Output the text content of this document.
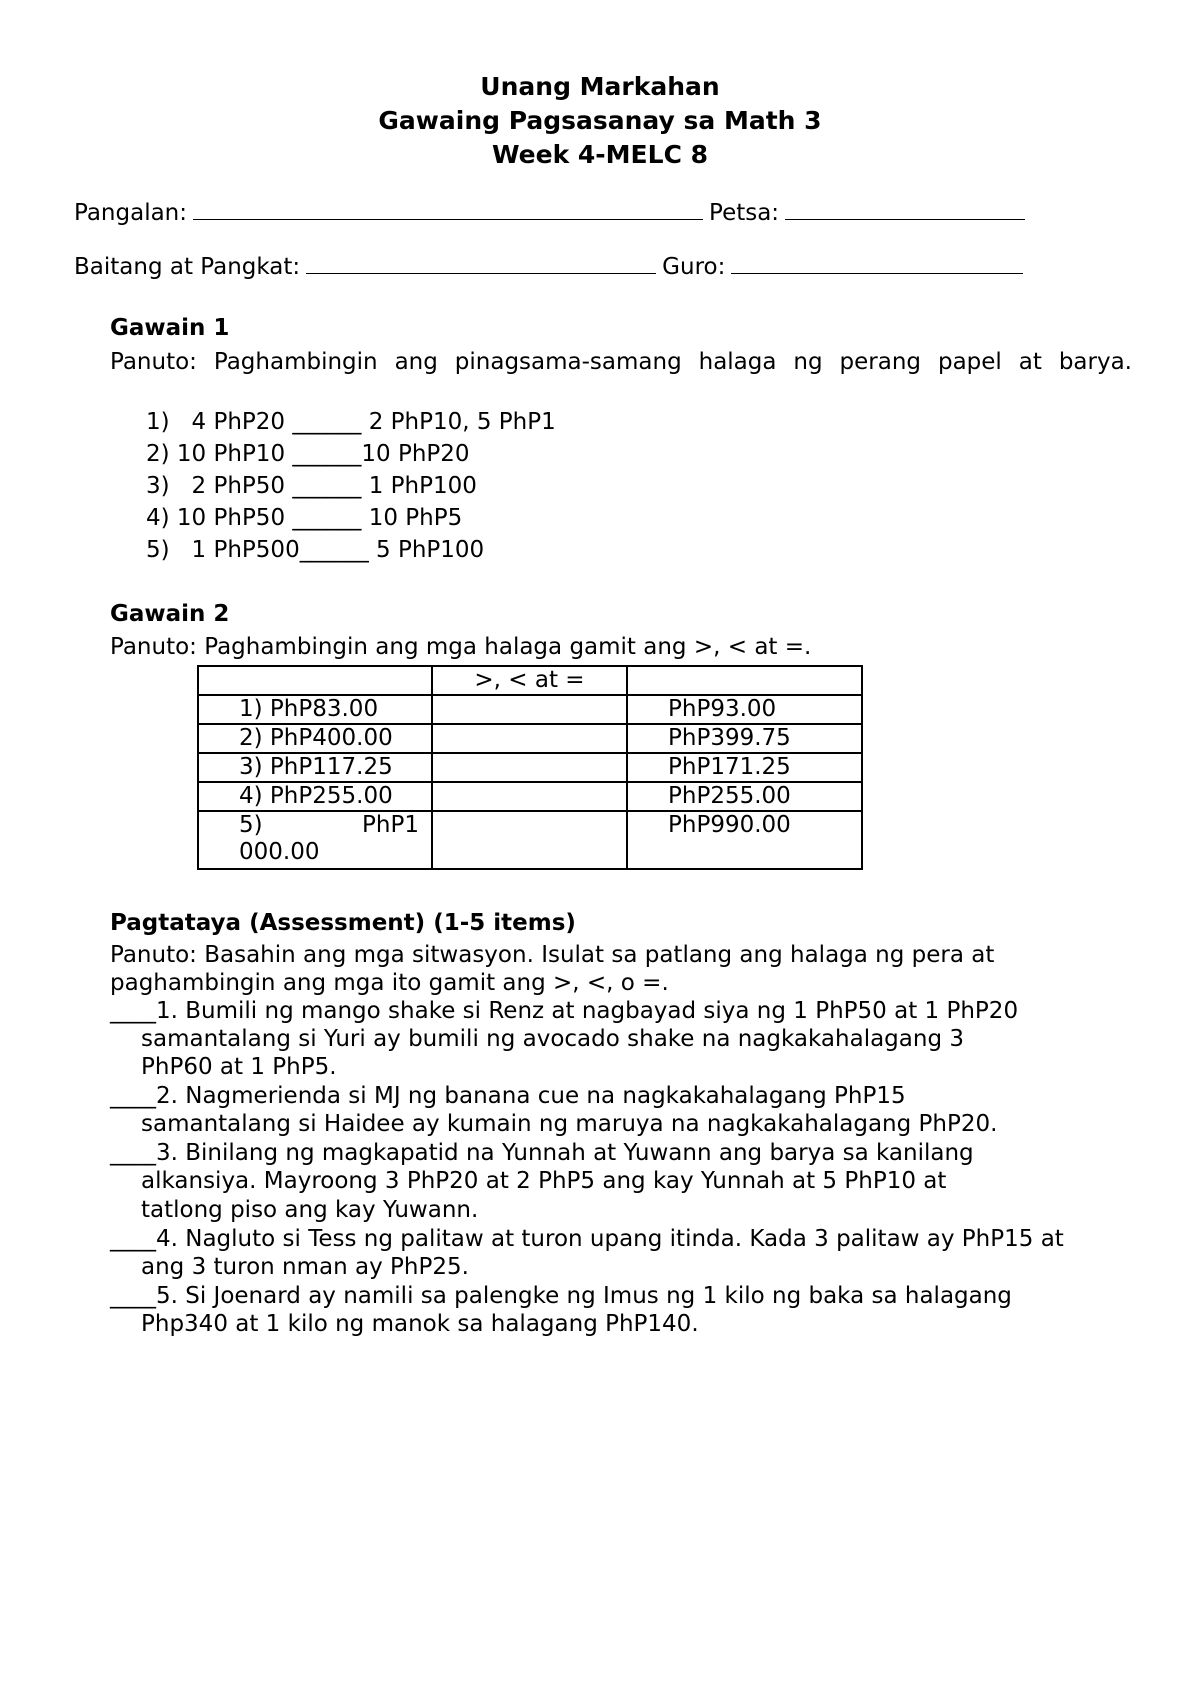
Unang Markahan
Gawaing Pagsasanay sa Math 3
Week 4-MELC 8
Pangalan:	Petsa:
Baitang at Pangkat:	Guro:
Gawain 1
Panuto: Paghambingin ang pinagsama-samang halaga ng perang papel at barya.
1)   4 PhP20 ______ 2 PhP10, 5 PhP1
2) 10 PhP10 ______10 PhP20
3)   2 PhP50 ______ 1 PhP100
4) 10 PhP50 ______ 10 PhP5
5)   1 PhP500______ 5 PhP100
Gawain 2
Panuto: Paghambingin ang mga halaga gamit ang >, < at =.
	>, < at =	
1) PhP83.00		PhP93.00
2) PhP400.00		PhP399.75
3) PhP117.25		PhP171.25
4) PhP255.00		PhP255.00

5) PhP1
000.00		PhP990.00
Pagtataya (Assessment) (1-5 items)
Panuto: Basahin ang mga sitwasyon. Isulat sa patlang ang halaga ng pera at
paghambingin ang mga ito gamit ang >, <, o =.
____1. Bumili ng mango shake si Renz at nagbayad siya ng 1 PhP50 at 1 PhP20
samantalang si Yuri ay bumili ng avocado shake na nagkakahalagang 3
PhP60 at 1 PhP5.
____2. Nagmerienda si MJ ng banana cue na nagkakahalagang PhP15
samantalang si Haidee ay kumain ng maruya na nagkakahalagang PhP20.
____3. Binilang ng magkapatid na Yunnah at Yuwann ang barya sa kanilang
alkansiya. Mayroong 3 PhP20 at 2 PhP5 ang kay Yunnah at 5 PhP10 at
tatlong piso ang kay Yuwann.
____4. Nagluto si Tess ng palitaw at turon upang itinda. Kada 3 palitaw ay PhP15 at
ang 3 turon nman ay PhP25.
____5. Si Joenard ay namili sa palengke ng Imus ng 1 kilo ng baka sa halagang
Php340 at 1 kilo ng manok sa halagang PhP140.
